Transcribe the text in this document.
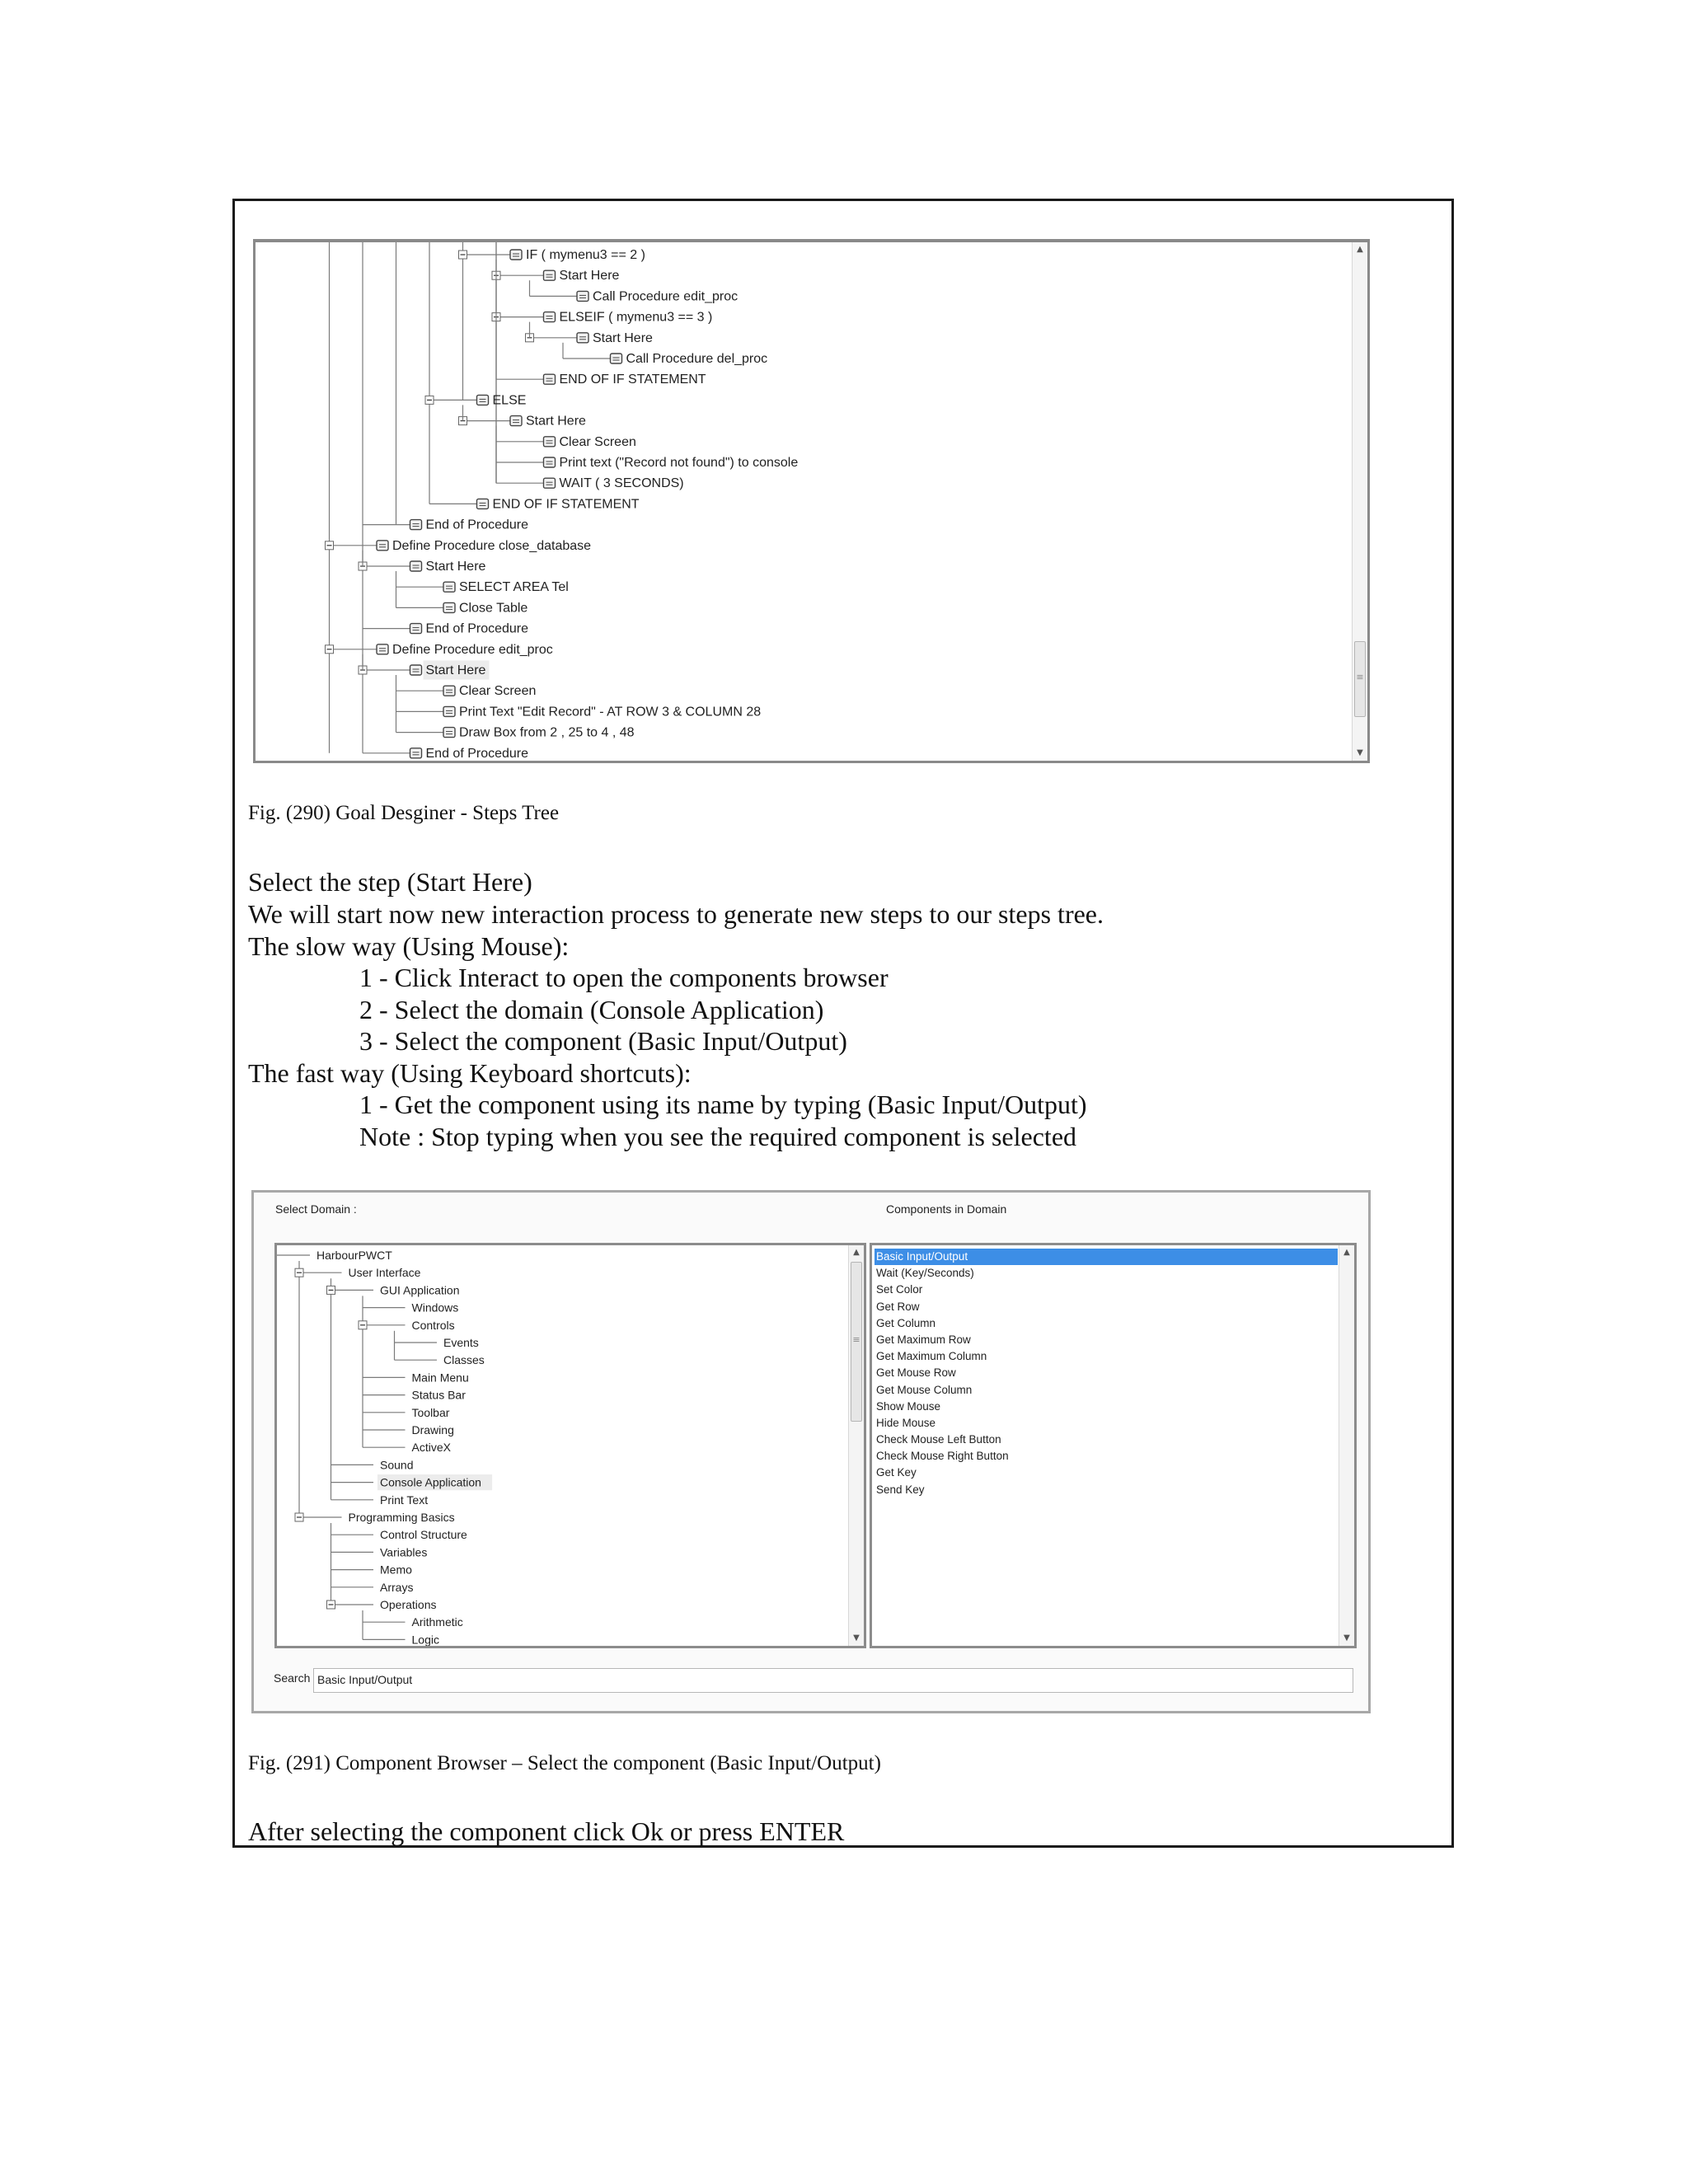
IF ( mymenu3 == 2 )
Start Here
Call Procedure edit_proc
ELSEIF ( mymenu3 == 3 )
Start Here
Call Procedure del_proc
END OF IF STATEMENT
ELSE
Start Here
Clear Screen
Print text ("Record not found") to console
WAIT ( 3 SECONDS)
END OF IF STATEMENT
End of Procedure
Define Procedure close_database
Start Here
SELECT AREA Tel
Close Table
End of Procedure
Define Procedure edit_proc
Start Here
Clear Screen
Print Text "Edit Record" - AT ROW 3 & COLUMN 28
Draw Box from 2 , 25 to 4 , 48
End of Procedure
▲
≡
▼
Fig. (290) Goal Desginer - Steps Tree
Select the step (Start Here)
We will start now new interaction process to generate new steps to our steps tree.
The slow way (Using Mouse):
1 - Click Interact to open the components browser
2 - Select the domain (Console Application)
3 - Select the component (Basic Input/Output)
The fast way (Using Keyboard shortcuts):
1 - Get the component using its name by typing (Basic Input/Output)
Note : Stop typing when you see the required component is selected
Select Domain :	Components in Domain
HarbourPWCT
User Interface
GUI Application
Windows
Controls
Events
Classes
Main Menu
Status Bar
Toolbar
Drawing
ActiveX
Sound
Console Application
Print Text
Programming Basics
Control Structure
Variables
Memo
Arrays
Operations
Arithmetic
Logic
▲
≡
▼
Basic Input/Output
Wait (Key/Seconds)
Set Color
Get Row
Get Column
Get Maximum Row
Get Maximum Column
Get Mouse Row
Get Mouse Column
Show Mouse
Hide Mouse
Check Mouse Left Button
Check Mouse Right Button
Get Key
Send Key
▲
▼
Search Basic Input/Output
Fig. (291) Component Browser – Select the component (Basic Input/Output)
After selecting the component click Ok or press ENTER
